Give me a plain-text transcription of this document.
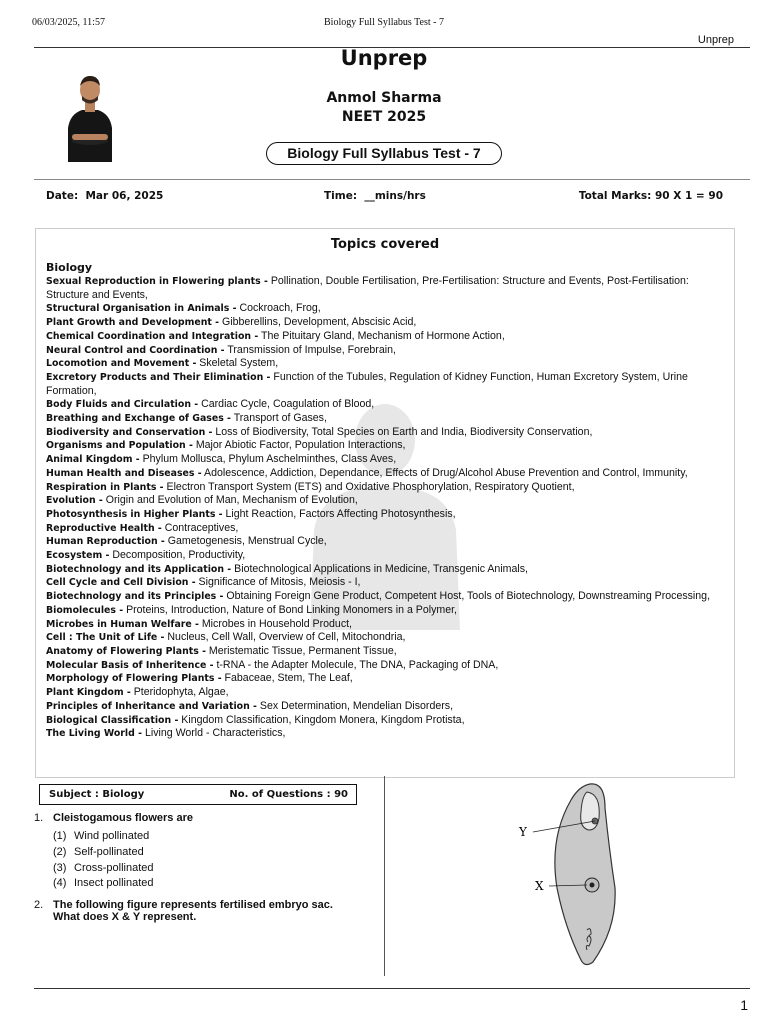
06/03/2025, 11:57	Biology Full Syllabus Test - 7
Unprep
Unprep
Anmol Sharma
NEET 2025
Biology Full Syllabus Test - 7
Date: Mar 06, 2025	Time: __mins/hrs	Total Marks: 90 X 1 = 90
Topics covered
Biology
Sexual Reproduction in Flowering plants - Pollination, Double Fertilisation, Pre-Fertilisation: Structure and Events, Post-Fertilisation: Structure and Events,
Structural Organisation in Animals - Cockroach, Frog,
Plant Growth and Development - Gibberellins, Development, Abscisic Acid,
Chemical Coordination and Integration - The Pituitary Gland, Mechanism of Hormone Action,
Neural Control and Coordination - Transmission of Impulse, Forebrain,
Locomotion and Movement - Skeletal System,
Excretory Products and Their Elimination - Function of the Tubules, Regulation of Kidney Function, Human Excretory System, Urine Formation,
Body Fluids and Circulation - Cardiac Cycle, Coagulation of Blood,
Breathing and Exchange of Gases - Transport of Gases,
Biodiversity and Conservation - Loss of Biodiversity, Total Species on Earth and India, Biodiversity Conservation,
Organisms and Population - Major Abiotic Factor, Population Interactions,
Animal Kingdom - Phylum Mollusca, Phylum Aschelminthes, Class Aves,
Human Health and Diseases - Adolescence, Addiction, Dependance, Effects of Drug/Alcohol Abuse Prevention and Control, Immunity,
Respiration in Plants - Electron Transport System (ETS) and Oxidative Phosphorylation, Respiratory Quotient,
Evolution - Origin and Evolution of Man, Mechanism of Evolution,
Photosynthesis in Higher Plants - Light Reaction, Factors Affecting Photosynthesis,
Reproductive Health - Contraceptives,
Human Reproduction - Gametogenesis, Menstrual Cycle,
Ecosystem - Decomposition, Productivity,
Biotechnology and its Application - Biotechnological Applications in Medicine, Transgenic Animals,
Cell Cycle and Cell Division - Significance of Mitosis, Meiosis - I,
Biotechnology and its Principles - Obtaining Foreign Gene Product, Competent Host, Tools of Biotechnology, Downstreaming Processing,
Biomolecules - Proteins, Introduction, Nature of Bond Linking Monomers in a Polymer,
Microbes in Human Welfare - Microbes in Household Product,
Cell : The Unit of Life - Nucleus, Cell Wall, Overview of Cell, Mitochondria,
Anatomy of Flowering Plants - Meristematic Tissue, Permanent Tissue,
Molecular Basis of Inheritence - t-RNA - the Adapter Molecule, The DNA, Packaging of DNA,
Morphology of Flowering Plants - Fabaceae, Stem, The Leaf,
Plant Kingdom - Pteridophyta, Algae,
Principles of Inheritance and Variation - Sex Determination, Mendelian Disorders,
Biological Classification - Kingdom Classification, Kingdom Monera, Kingdom Protista,
The Living World - Living World - Characteristics,
Subject : Biology	No. of Questions : 90
1. Cleistogamous flowers are
(1) Wind pollinated
(2) Self-pollinated
(3) Cross-pollinated
(4) Insect pollinated
2. The following figure represents fertilised embryo sac.
What does X & Y represent.
Y
X
1
